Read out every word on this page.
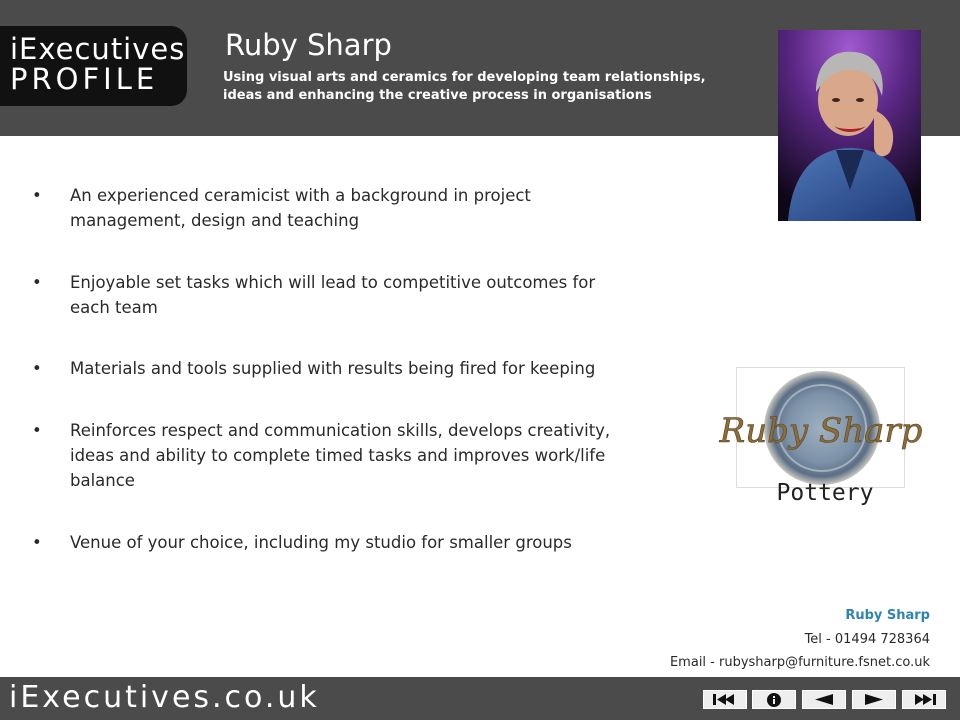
iExecutives
PROFILE
Ruby Sharp
Using visual arts and ceramics for developing team relationships, ideas and enhancing the creative process in organisations
• An experienced ceramicist with a background in project management, design and teaching
• Enjoyable set tasks which will lead to competitive outcomes for each team
• Materials and tools supplied with results being fired for keeping
• Reinforces respect and communication skills, develops creativity, ideas and ability to complete timed tasks and improves work/life balance
• Venue of your choice, including my studio for smaller groups
Ruby Sharp
Pottery
Ruby Sharp
Tel - 01494 728364
Email - rubysharp@furniture.fsnet.co.uk
iExecutives.co.uk
